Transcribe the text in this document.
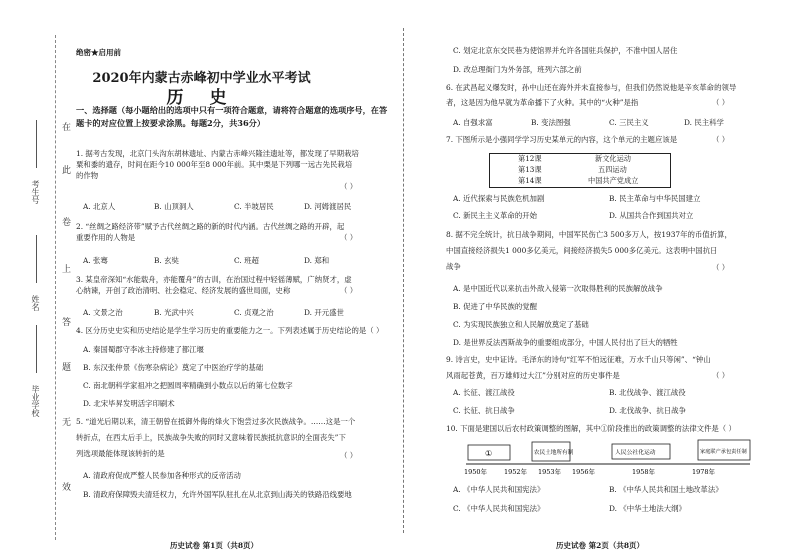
在
此
卷
上
答
题
无
效
考生号
姓名
毕业学校
绝密★启用前
2020年内蒙古赤峰初中学业水平考试
历 史
一、选择题（每小题给出的选项中只有一项符合题意，请将符合题意的选项序号，在答题卡的对应位置上按要求涂黑。每题2分，共36分）

1. 据考古发现，北京门头沟东胡林遗址、内蒙古赤峰兴隆洼遗址等，都发现了早期栽培

粟和黍的遗存，时间在距今10 000年至8 000年前。其中栗是下列哪一远古先民栽培

的作物

（ ）
A. 北京人	B. 山顶洞人	C. 半坡居民	D. 河姆渡居民

2. “丝绸之路经济带”赋予古代丝绸之路的新的时代内涵。古代丝绸之路的开辟，起

重要作用的人物是	（ ）
A. 张骞	B. 玄奘	C. 班超	D. 郑和

3. 某皇帝深知“水能载舟，亦能覆舟”的古训，在治国过程中轻徭薄赋，广纳贤才，虚

心纳谏，开创了政治清明、社会稳定、经济发展的盛世局面，史称	（ ）
A. 文景之治	B. 光武中兴	C. 贞观之治	D. 开元盛世

4. 区分历史史实和历史结论是学生学习历史的重要能力之一。下列表述属于历史结论的是（ ）

A. 秦国蜀郡守李冰主持修建了都江堰
B. 东汉张仲景《伤寒杂病论》奠定了中医治疗学的基础
C. 南北朝科学家祖冲之把圆周率精确到小数点以后的第七位数字
D. 北宋毕昇发明活字印刷术

5. “道光后期以来，清王朝曾在抵御外侮的烽火下饱尝过多次民族战争。……这是一个

转折点，在西太后手上，民族战争失败的同时又意味着民族抵抗意识的全面丧失”下

列选项最能体现该转折的是	（ ）
A. 清政府促成严整人民参加各种形式的反帝活动
B. 清政府保障毁夫清廷权力，允许外国军队驻扎在从北京到山海关的铁路沿线要地
历史试卷 第1页（共8页）
C. 划定北京东交民巷为使馆界并允许各国驻兵保护，不准中国人居住
D. 改总理衙门为外务部，班列六部之前

6. 在武昌起义爆发时，孙中山还在海外并未直接参与，但我们仍然说他是辛亥革命的领导

者，这是因为他早就为革命播下了火种。其中的“火种”是指	（ ）
A. 自强求富	B. 变法图强	C. 三民主义	D. 民主科学

7. 下图所示是小强同学学习历史某单元的内容，这个单元的主题应该是	（ ）
第12课	新文化运动
第13课	五四运动
第14课	中国共产党成立
A. 近代探索与民族危机加剧	B. 民主革命与中华民国建立
C. 新民主主义革命的开始	D. 从国共合作到国共对立

8. 据不完全统计，抗日战争期间，中国军民伤亡3 500多万人，按1937年的币值折算，

中国直接经济损失1 000多亿美元，间接经济损失5 000多亿美元。这表明中国抗日

战争	（ ）
A. 是中国近代以来抗击外敌入侵第一次取得胜利的民族解放战争
B. 促进了中华民族的觉醒
C. 为实现民族独立和人民解放奠定了基础
D. 是世界反法西斯战争的重要组成部分，中国人民付出了巨大的牺牲

9. 诗言史，史中证诗。毛泽东的诗句“红军不怕远征难，万水千山只等闲”、“钟山

风雨起苍黄，百万雄师过大江”分别对应的历史事件是	（ ）
A. 长征、渡江战役	B. 北伐战争、渡江战役
C. 长征、抗日战争	D. 北伐战争、抗日战争

10. 下面是建国以后农村政策调整的图解，其中①阶段推出的政策调整的法律文件是（ ）

①	农民土地所有制	人民公社化运动	家庭联产承包责任制
1950年	1952年 1953年 1956年	1958年	1978年
A. 《中华人民共和国宪法》	B. 《中华人民共和国土地改革法》
C. 《中华人民共和国宪法》	D. 《中华土地法大纲》
历史试卷 第2页（共8页）
